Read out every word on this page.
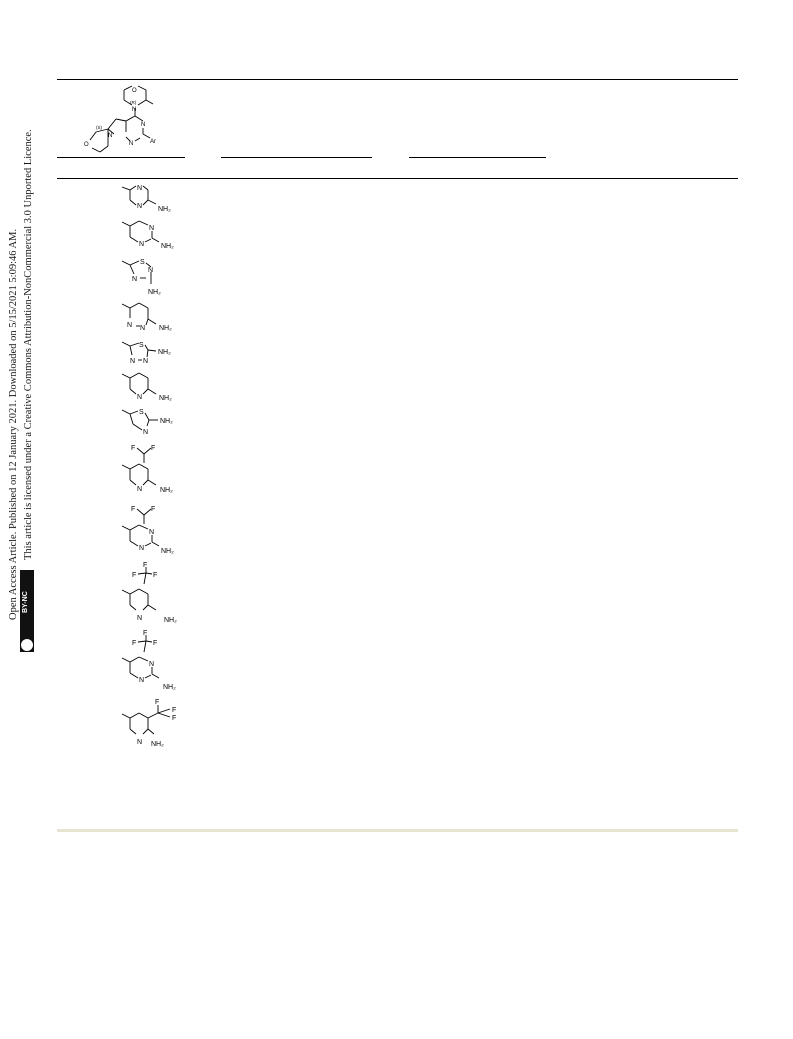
Open Access Article. Published on 12 January 2021. Downloaded on 5/15/2021 5:09:46 AM. This article is licensed under a Creative Commons Attribution-NonCommercial 3.0 Unported Licence.
BY-NC
O
(R)
N
N
N	Ar
(S)
N
O
N
N NH₂
N
N NH₂
S
N
N
NH₂
N N NH₂
S
N N
NH₂
N NH₂
S
N
NH₂
F F
N	NH₂
F F
N
N NH₂
F
F F
N	NH₂
F
F F
N
N
NH₂
F
F
F
N NH₂
